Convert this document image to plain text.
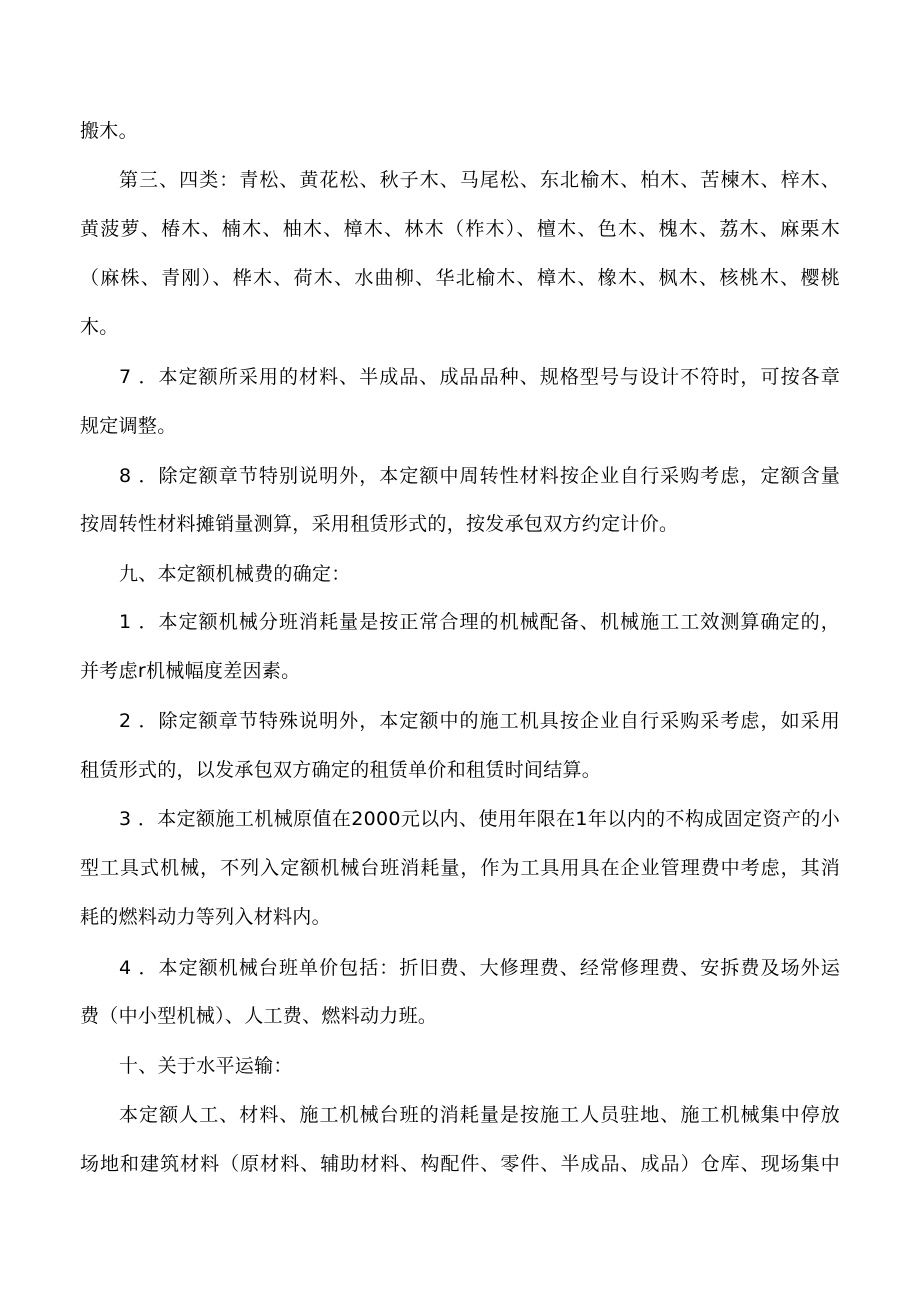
搬木。
第三、四类：青松、黄花松、秋子木、马尾松、东北榆木、柏木、苦楝木、梓木、
黄菠萝、椿木、楠木、柚木、樟木、林木（柞木）、檀木、色木、槐木、荔木、麻栗木
（麻株、青刚）、桦木、荷木、水曲柳、华北榆木、樟木、橡木、枫木、核桃木、樱桃
木。
7 ．本定额所采用的材料、半成品、成品品种、规格型号与设计不符时，可按各章
规定调整。
8 ．除定额章节特别说明外，本定额中周转性材料按企业自行采购考虑，定额含量
按周转性材料摊销量测算，采用租赁形式的，按发承包双方约定计价。
九、本定额机械费的确定：
1 ．本定额机械分班消耗量是按正常合理的机械配备、机械施工工效测算确定的，
并考虑r机械幅度差因素。
2 ．除定额章节特殊说明外，本定额中的施工机具按企业自行采购采考虑，如采用
租赁形式的，以发承包双方确定的租赁单价和租赁时间结算。
3 ．本定额施工机械原值在2000元以内、使用年限在1年以内的不构成固定资产的小
型工具式机械，不列入定额机械台班消耗量，作为工具用具在企业管理费中考虑，其消
耗的燃料动力等列入材料内。
4 ．本定额机械台班单价包括：折旧费、大修理费、经常修理费、安拆费及场外运
费（中小型机械）、人工费、燃料动力班。
十、关于水平运输：
本定额人工、材料、施工机械台班的消耗量是按施工人员驻地、施工机械集中停放
场地和建筑材料（原材料、辅助材料、构配件、零件、半成品、成品）仓库、现场集中
